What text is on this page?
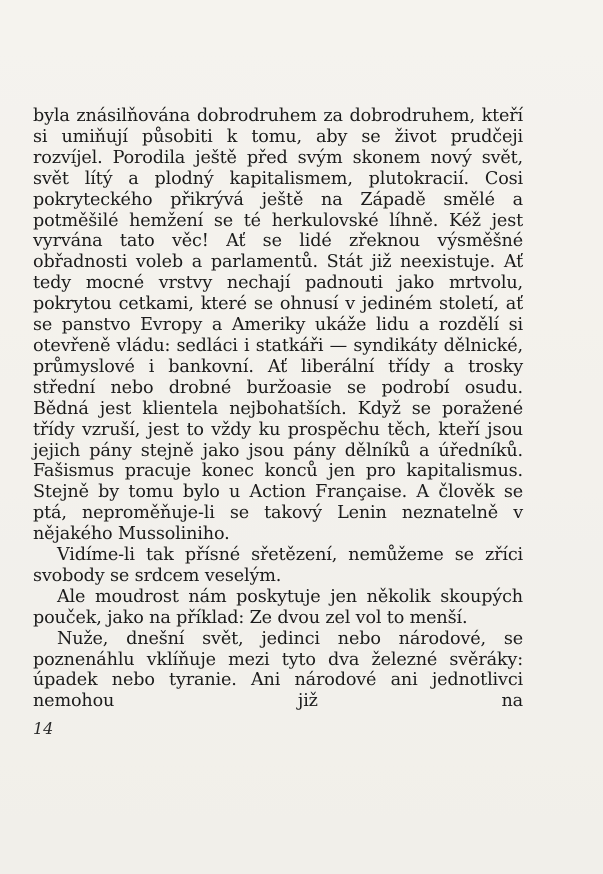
byla znásilňována dobrodruhem za dobrodruhem, kteří si umiňují působiti k tomu, aby se život prudčeji rozvíjel. Porodila ještě před svým skonem nový svět, svět lítý a plodný kapitalismem, plutokracií. Cosi pokryteckého přikrývá ještě na Západě smělé a potměšilé hemžení se té herkulovské líhně. Kéž jest vyrvána tato věc! Ať se lidé zřeknou výsměšné obřadnosti voleb a parlamentů. Stát již neexistuje. Ať tedy mocné vrstvy nechají padnouti jako mrtvolu, pokrytou cetkami, které se ohnusí v jediném století, ať se panstvo Evropy a Ameriky ukáže lidu a rozdělí si otevřeně vládu: sedláci i statkáři — syndikáty dělnické, průmyslové i bankovní. Ať liberální třídy a trosky střední nebo drobné buržoasie se podrobí osudu. Bědná jest klientela nejbohatších. Když se poražené třídy vzruší, jest to vždy ku prospěchu těch, kteří jsou jejich pány stejně jako jsou pány dělníků a úředníků. Fašismus pracuje konec konců jen pro kapitalismus. Stejně by tomu bylo u Action Française. A člověk se ptá, neproměňuje-li se takový Lenin neznatelně v nějakého Mussoliniho.

Vidíme-li tak přísné sřetězení, nemůžeme se zříci svobody se srdcem veselým.

Ale moudrost nám poskytuje jen několik skoupých pouček, jako na příklad: Ze dvou zel vol to menší.

Nuže, dnešní svět, jedinci nebo národové, se poznenáhlu vklíňuje mezi tyto dva železné svěráky: úpadek nebo tyranie. Ani národové ani jednotlivci nemohou již na

14
